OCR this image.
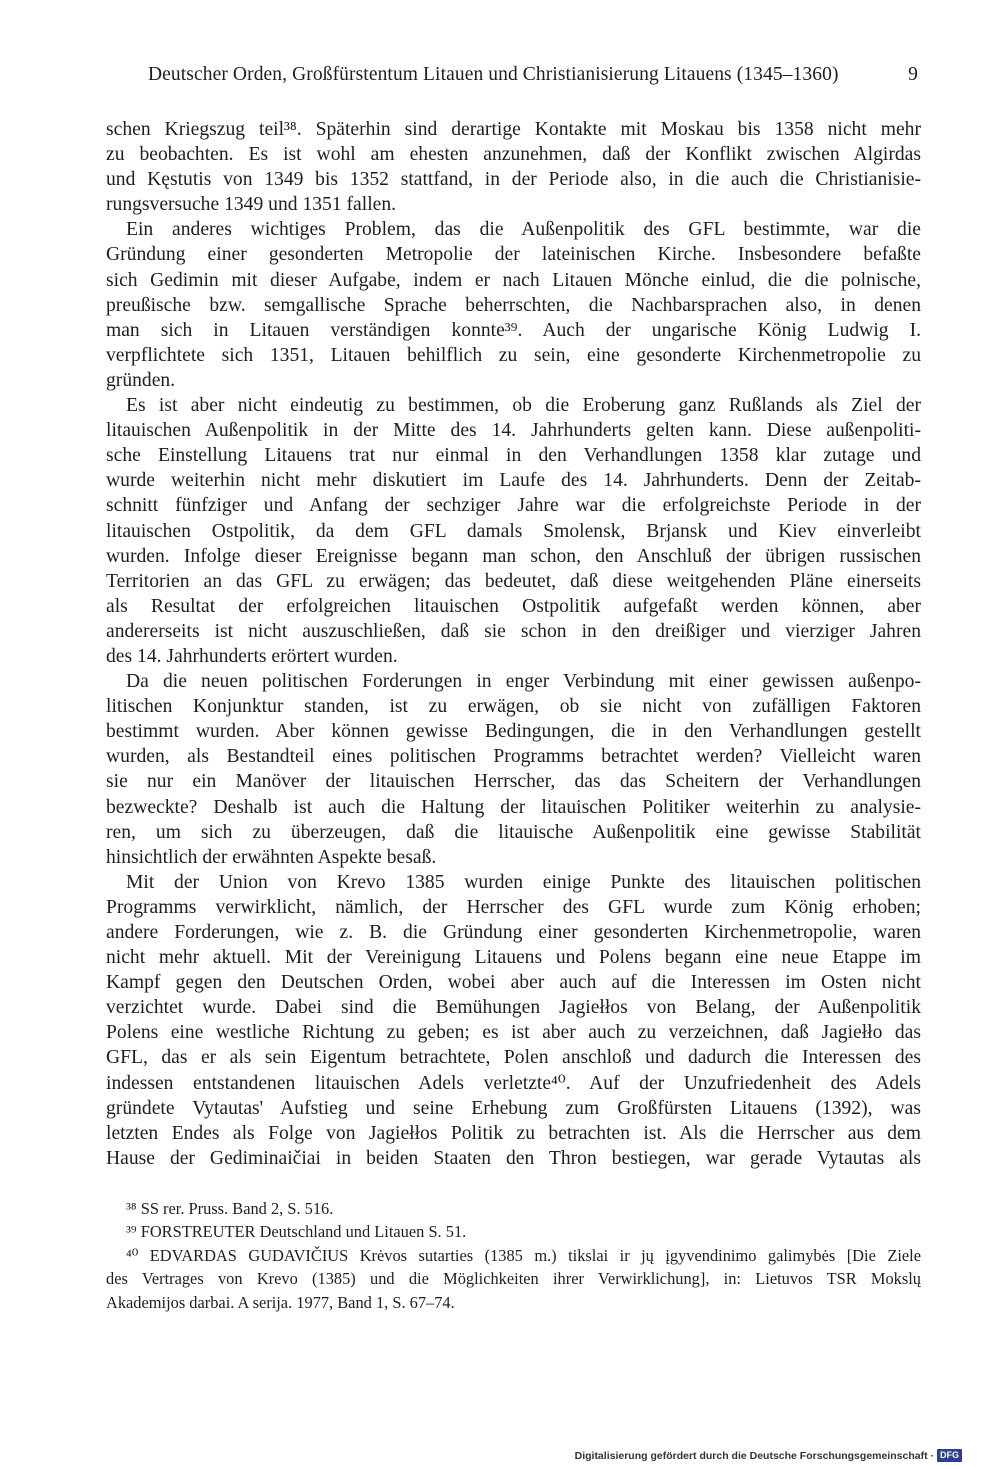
Deutscher Orden, Großfürstentum Litauen und Christianisierung Litauens (1345–1360)	9
schen Kriegszug teil³⁸. Späterhin sind derartige Kontakte mit Moskau bis 1358 nicht mehr
zu beobachten. Es ist wohl am ehesten anzunehmen, daß der Konflikt zwischen Algirdas
und Kęstutis von 1349 bis 1352 stattfand, in der Periode also, in die auch die Christianisie-
rungsversuche 1349 und 1351 fallen.
Ein anderes wichtiges Problem, das die Außenpolitik des GFL bestimmte, war die
Gründung einer gesonderten Metropolie der lateinischen Kirche. Insbesondere befaßte
sich Gedimin mit dieser Aufgabe, indem er nach Litauen Mönche einlud, die die polnische,
preußische bzw. semgallische Sprache beherrschten, die Nachbarsprachen also, in denen
man sich in Litauen verständigen konnte³⁹. Auch der ungarische König Ludwig I.
verpflichtete sich 1351, Litauen behilflich zu sein, eine gesonderte Kirchenmetropolie zu
gründen.
Es ist aber nicht eindeutig zu bestimmen, ob die Eroberung ganz Rußlands als Ziel der
litauischen Außenpolitik in der Mitte des 14. Jahrhunderts gelten kann. Diese außenpoliti-
sche Einstellung Litauens trat nur einmal in den Verhandlungen 1358 klar zutage und
wurde weiterhin nicht mehr diskutiert im Laufe des 14. Jahrhunderts. Denn der Zeitab-
schnitt fünfziger und Anfang der sechziger Jahre war die erfolgreichste Periode in der
litauischen Ostpolitik, da dem GFL damals Smolensk, Brjansk und Kiev einverleibt
wurden. Infolge dieser Ereignisse begann man schon, den Anschluß der übrigen russischen
Territorien an das GFL zu erwägen; das bedeutet, daß diese weitgehenden Pläne einerseits
als Resultat der erfolgreichen litauischen Ostpolitik aufgefaßt werden können, aber
andererseits ist nicht auszuschließen, daß sie schon in den dreißiger und vierziger Jahren
des 14. Jahrhunderts erörtert wurden.
Da die neuen politischen Forderungen in enger Verbindung mit einer gewissen außenpo-
litischen Konjunktur standen, ist zu erwägen, ob sie nicht von zufälligen Faktoren
bestimmt wurden. Aber können gewisse Bedingungen, die in den Verhandlungen gestellt
wurden, als Bestandteil eines politischen Programms betrachtet werden? Vielleicht waren
sie nur ein Manöver der litauischen Herrscher, das das Scheitern der Verhandlungen
bezweckte? Deshalb ist auch die Haltung der litauischen Politiker weiterhin zu analysie-
ren, um sich zu überzeugen, daß die litauische Außenpolitik eine gewisse Stabilität
hinsichtlich der erwähnten Aspekte besaß.
Mit der Union von Krevo 1385 wurden einige Punkte des litauischen politischen
Programms verwirklicht, nämlich, der Herrscher des GFL wurde zum König erhoben;
andere Forderungen, wie z. B. die Gründung einer gesonderten Kirchenmetropolie, waren
nicht mehr aktuell. Mit der Vereinigung Litauens und Polens begann eine neue Etappe im
Kampf gegen den Deutschen Orden, wobei aber auch auf die Interessen im Osten nicht
verzichtet wurde. Dabei sind die Bemühungen Jagiełłos von Belang, der Außenpolitik
Polens eine westliche Richtung zu geben; es ist aber auch zu verzeichnen, daß Jagiełło das
GFL, das er als sein Eigentum betrachtete, Polen anschloß und dadurch die Interessen des
indessen entstandenen litauischen Adels verletzte⁴⁰. Auf der Unzufriedenheit des Adels
gründete Vytautas' Aufstieg und seine Erhebung zum Großfürsten Litauens (1392), was
letzten Endes als Folge von Jagiełłos Politik zu betrachten ist. Als die Herrscher aus dem
Hause der Gediminaičiai in beiden Staaten den Thron bestiegen, war gerade Vytautas als
³⁸ SS rer. Pruss. Band 2, S. 516.
³⁹ FORSTREUTER Deutschland und Litauen S. 51.
⁴⁰ EDVARDAS GUDAVIČIUS Krėvos sutarties (1385 m.) tikslai ir jų įgyvendinimo galimybės [Die Ziele
des Vertrages von Krevo (1385) und die Möglichkeiten ihrer Verwirklichung], in: Lietuvos TSR Mokslų
Akademijos darbai. A serija. 1977, Band 1, S. 67–74.
Digitalisierung gefördert durch die Deutsche Forschungsgemeinschaft · DFG
